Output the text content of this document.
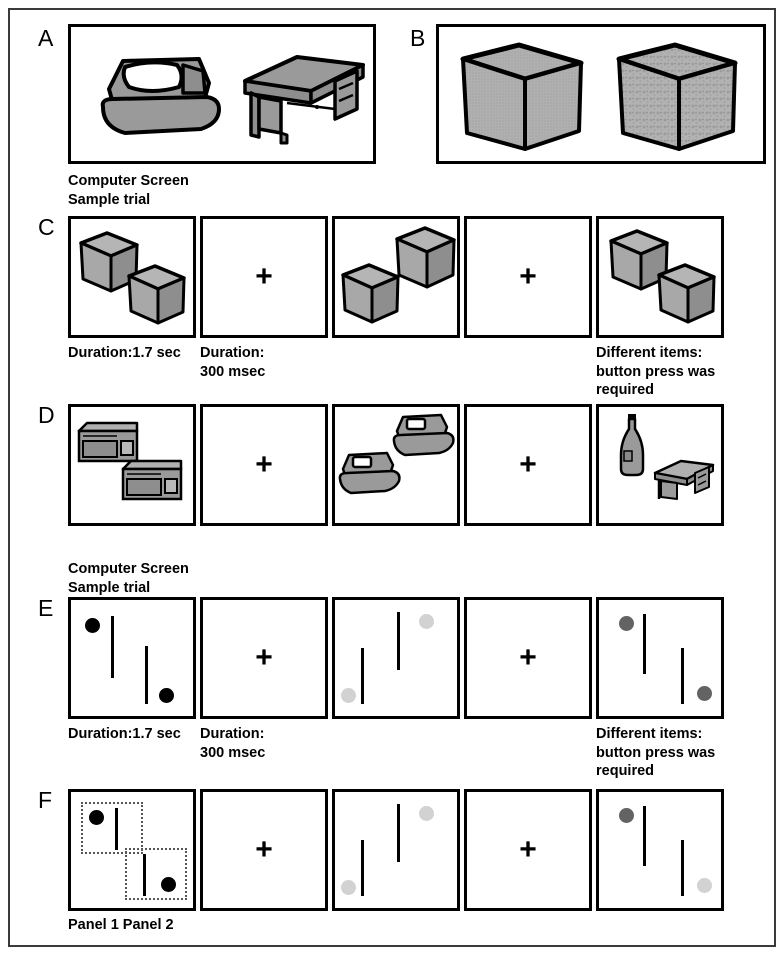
A
Computer Screen
Sample trial
B
C
+	+
Duration:1.7 sec Duration:
300 msec
Different items:
button press was
required
D
+	+
Computer Screen
Sample trial
E
+	+
Duration:1.7 sec Duration:
300 msec
Different items:
button press was
required
F
+	+
Panel 1 Panel 2
